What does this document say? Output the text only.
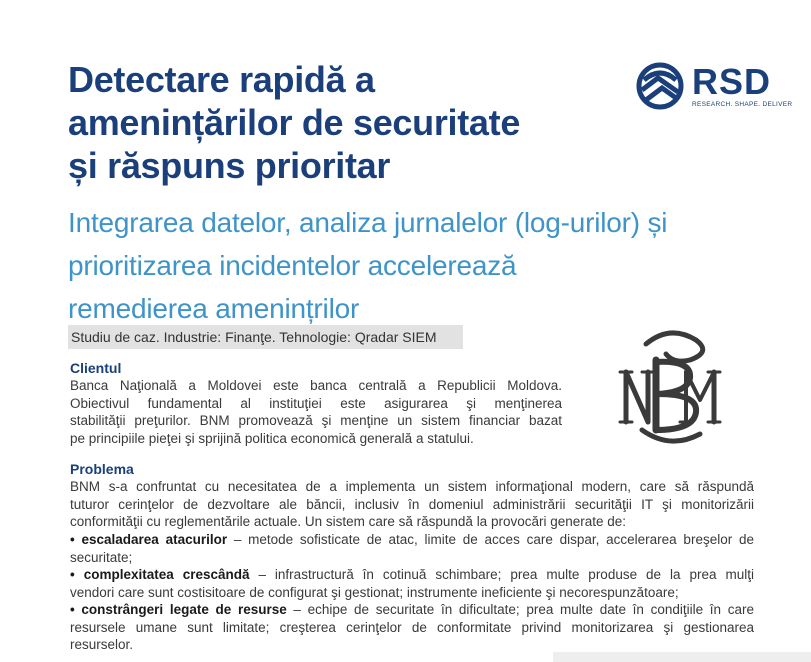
Detectare rapidă a
amenințărilor de securitate
și răspuns prioritar
RSD
RESEARCH. SHAPE. DELIVER
Integrarea datelor, analiza jurnalelor (log-urilor) și
prioritizarea incidentelor accelerează
remedierea amenințrilor
Studiu de caz. Industrie: Finanţe. Tehnologie: Qradar SIEM
Clientul
Banca Naţională a Moldovei este banca centrală a Republicii Moldova.
Obiectivul fundamental al instituţiei este asigurarea şi menţinerea
stabilităţii preţurilor. BNM promovează şi menţine un sistem financiar bazat
pe principiile pieţei şi sprijină politica economică generală a statului.
Problema
BNM s-a confruntat cu necesitatea de a implementa un sistem informaţional modern, care să răspundă
tuturor cerinţelor de dezvoltare ale băncii, inclusiv în domeniul administrării securităţii IT şi monitorizării
conformităţii cu reglementările actuale. Un sistem care să răspundă la provocări generate de:
• escaladarea atacurilor – metode sofisticate de atac, limite de acces care dispar, accelerarea breşelor de
securitate;
• complexitatea crescândă – infrastructură în cotinuă schimbare; prea multe produse de la prea mulţi
vendori care sunt costisitoare de configurat şi gestionat; instrumente ineficiente şi necorespunzătoare;
• constrângeri legate de resurse – echipe de securitate în dificultate; prea multe date în condiţiile în care
resursele umane sunt limitate; creşterea cerinţelor de conformitate privind monitorizarea şi gestionarea
resurselor.
